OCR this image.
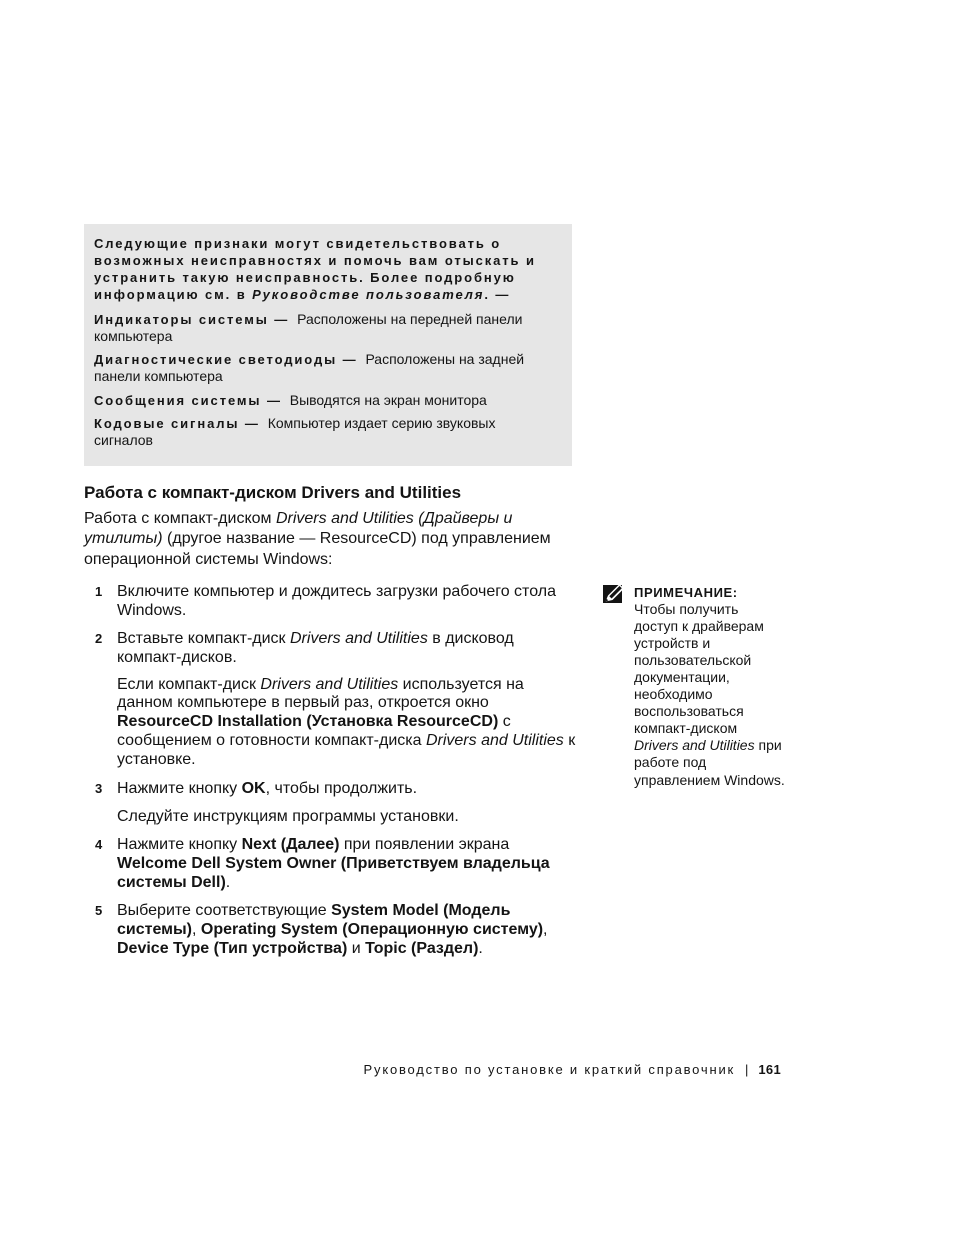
Следующие признаки могут свидетельствовать о
возможных неисправностях и помочь вам отыскать и
устранить такую неисправность. Более подробную
информацию см. в Руководстве пользователя. —
Индикаторы системы — Расположены на передней панели
компьютера
Диагностические светодиоды — Расположены на задней
панели компьютера
Сообщения системы — Выводятся на экран монитора
Кодовые сигналы — Компьютер издает серию звуковых
сигналов
Работа с компакт-диском Drivers and Utilities
Работа с компакт-диском Drivers and Utilities (Драйверы и
утилиты) (другое название — ResourceCD) под управлением
операционной системы Windows:
1 Включите компьютер и дождитесь загрузки рабочего стола
Windows.
2 Вставьте компакт-диск Drivers and Utilities в дисковод
компакт-дисков.
Если компакт-диск Drivers and Utilities используется на
данном компьютере в первый раз, откроется окно
ResourceCD Installation (Установка ResourceCD) с
сообщением о готовности компакт-диска Drivers and Utilities к
установке.
3 Нажмите кнопку OK, чтобы продолжить.
Следуйте инструкциям программы установки.
4 Нажмите кнопку Next (Далее) при появлении экрана
Welcome Dell System Owner (Приветствуем владельца
системы Dell).
5 Выберите соответствующие System Model (Модель
системы), Operating System (Операционную систему),
Device Type (Тип устройства) и Topic (Раздел).
ПРИМЕЧАНИЕ:
Чтобы получить
доступ к драйверам
устройств и
пользовательской
документации,
необходимо
воспользоваться
компакт-диском
Drivers and Utilities при
работе под
управлением Windows.
Руководство по установке и краткий справочник | 161
